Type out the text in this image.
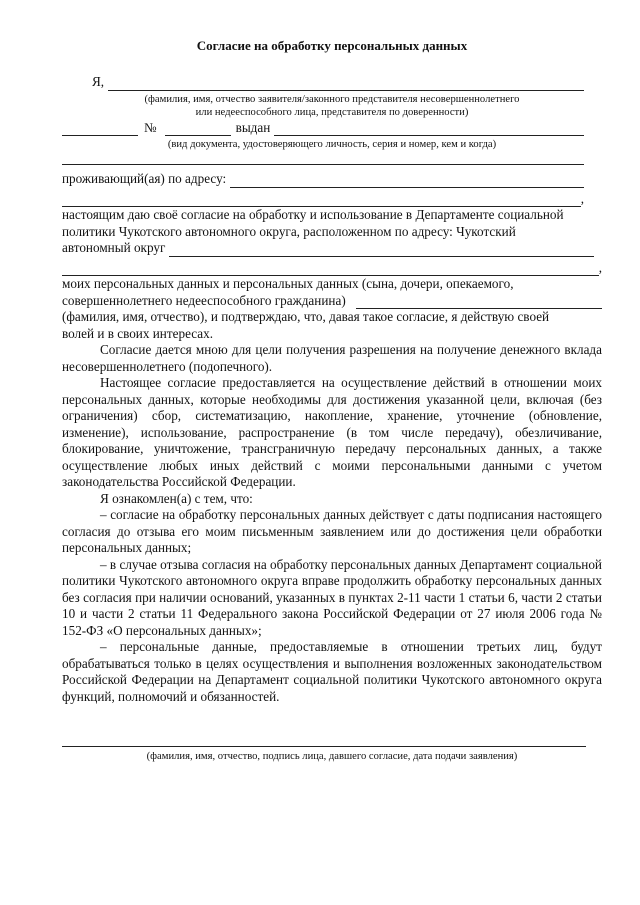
Согласие на обработку персональных данных
Я,
(фамилия, имя, отчество заявителя/законного представителя несовершеннолетнего
или недееспособного лица, представителя по доверенности)
№	выдан
(вид документа, удостоверяющего личность, серия и номер, кем и когда)
проживающий(ая) по адресу:
,
настоящим даю своё согласие на обработку и использование в Департаменте социальной
политики Чукотского автономного округа, расположенном по адресу: Чукотский
автономный округ
,
моих персональных данных и персональных данных (сына, дочери, опекаемого,
совершеннолетнего недееспособного гражданина)
(фамилия, имя, отчество), и подтверждаю, что, давая такое согласие, я действую своей
волей и в своих интересах.
Согласие дается мною для цели получения разрешения на получение денежного вклада несовершеннолетнего (подопечного).
Настоящее согласие предоставляется на осуществление действий в отношении моих персональных данных, которые необходимы для достижения указанной цели, включая (без ограничения) сбор, систематизацию, накопление, хранение, уточнение (обновление, изменение), использование, распространение (в том числе передачу), обезличивание, блокирование, уничтожение, трансграничную передачу персональных данных, а также осуществление любых иных действий с моими персональными данными с учетом законодательства Российской Федерации.
Я ознакомлен(а) с тем, что:
– согласие на обработку персональных данных действует с даты подписания настоящего согласия до отзыва его моим письменным заявлением или до достижения цели обработки персональных данных;
– в случае отзыва согласия на обработку персональных данных Департамент социальной политики Чукотского автономного округа вправе продолжить обработку персональных данных без согласия при наличии оснований, указанных в пунктах 2-11 части 1 статьи 6, части 2 статьи 10 и части 2 статьи 11 Федерального закона Российской Федерации от 27 июля 2006 года № 152-ФЗ «О персональных данных»;
– персональные данные, предоставляемые в отношении третьих лиц, будут обрабатываться только в целях осуществления и выполнения возложенных законодательством Российской Федерации на Департамент социальной политики Чукотского автономного округа функций, полномочий и обязанностей.
(фамилия, имя, отчество, подпись лица, давшего согласие, дата подачи заявления)
